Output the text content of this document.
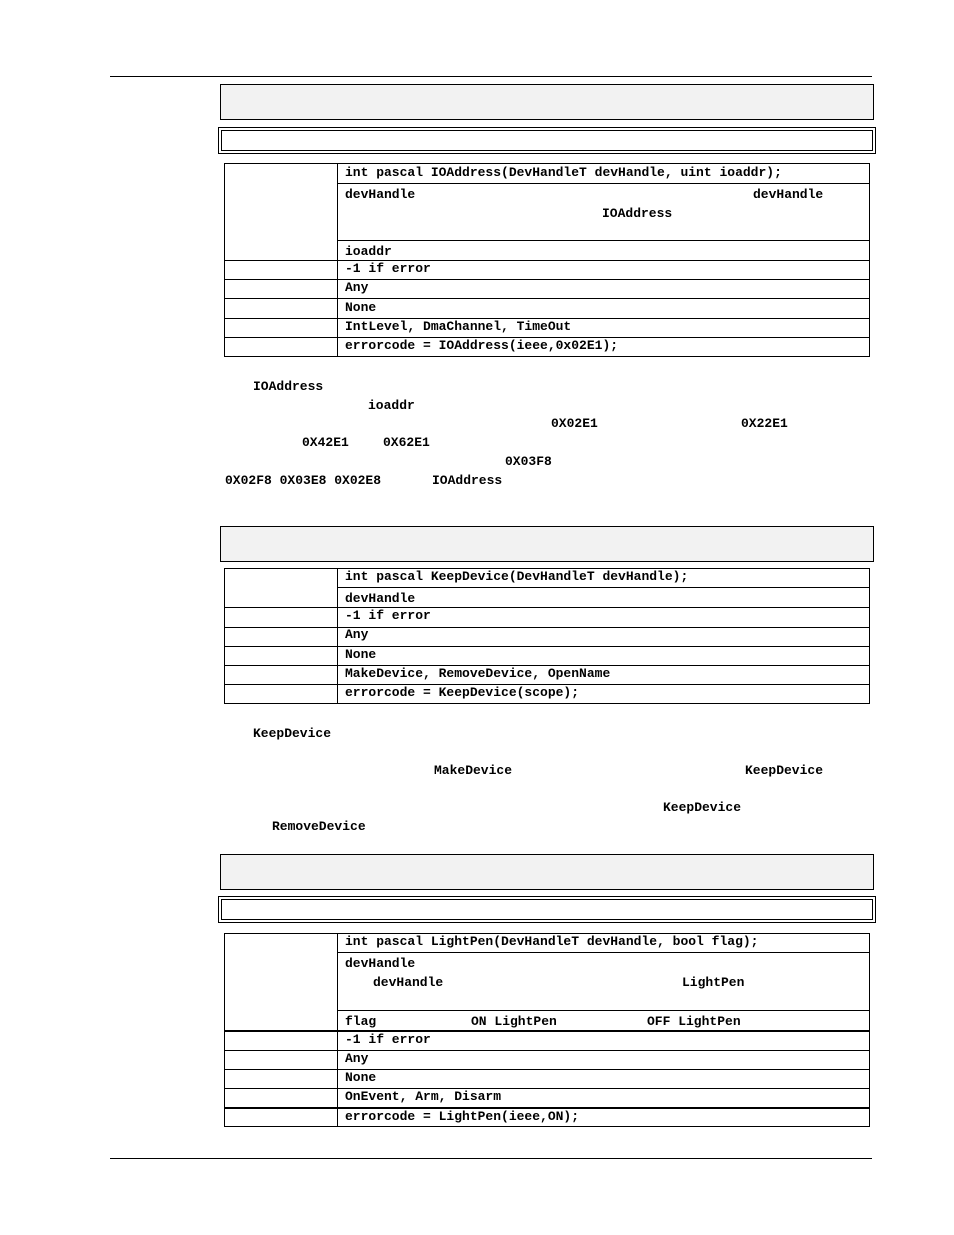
int pascal IOAddress(DevHandleT devHandle, uint ioaddr);
devHandle	devHandle
IOAddress
ioaddr
-1 if error
Any
None
IntLevel, DmaChannel, TimeOut
errorcode = IOAddress(ieee,0x02E1);
IOAddress
ioaddr
0X02E1	0X22E1
0X42E1	0X62E1
0X03F8
0X02F8 0X03E8 0X02E8	IOAddress
int pascal KeepDevice(DevHandleT devHandle);
devHandle
-1 if error
Any
None
MakeDevice, RemoveDevice, OpenName
errorcode = KeepDevice(scope);
KeepDevice
MakeDevice	KeepDevice
KeepDevice
RemoveDevice
int pascal LightPen(DevHandleT devHandle, bool flag);
devHandle
devHandle	LightPen
flag	ON LightPen	OFF LightPen
-1 if error
Any
None
OnEvent, Arm, Disarm
errorcode = LightPen(ieee,ON);
